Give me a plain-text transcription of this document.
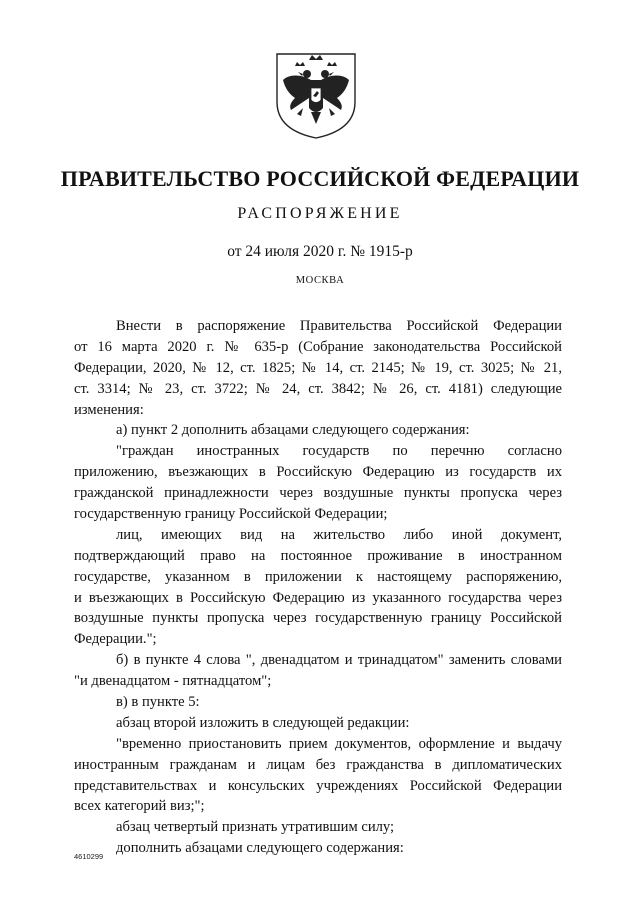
ПРАВИТЕЛЬСТВО РОССИЙСКОЙ ФЕДЕРАЦИИ
РАСПОРЯЖЕНИЕ
от 24 июля 2020 г. № 1915-р
МОСКВА
Внести в распоряжение Правительства Российской Федерации
от 16 марта 2020 г. № 635-р (Собрание законодательства Российской
Федерации, 2020, № 12, ст. 1825; № 14, ст. 2145; № 19, ст. 3025; № 21,
ст. 3314; № 23, ст. 3722; № 24, ст. 3842; № 26, ст. 4181) следующие
изменения:
а) пункт 2 дополнить абзацами следующего содержания:
"граждан иностранных государств по перечню согласно
приложению, въезжающих в Российскую Федерацию из государств их
гражданской принадлежности через воздушные пункты пропуска через
государственную границу Российской Федерации;
лиц, имеющих вид на жительство либо иной документ,
подтверждающий право на постоянное проживание в иностранном
государстве, указанном в приложении к настоящему распоряжению,
и въезжающих в Российскую Федерацию из указанного государства через
воздушные пункты пропуска через государственную границу Российской
Федерации.";
б) в пункте 4 слова ", двенадцатом и тринадцатом" заменить словами
"и двенадцатом - пятнадцатом";
в) в пункте 5:
абзац второй изложить в следующей редакции:
"временно приостановить прием документов, оформление и выдачу
иностранным гражданам и лицам без гражданства в дипломатических
представительствах и консульских учреждениях Российской Федерации
всех категорий виз;";
абзац четвертый признать утратившим силу;
дополнить абзацами следующего содержания:
4610299
